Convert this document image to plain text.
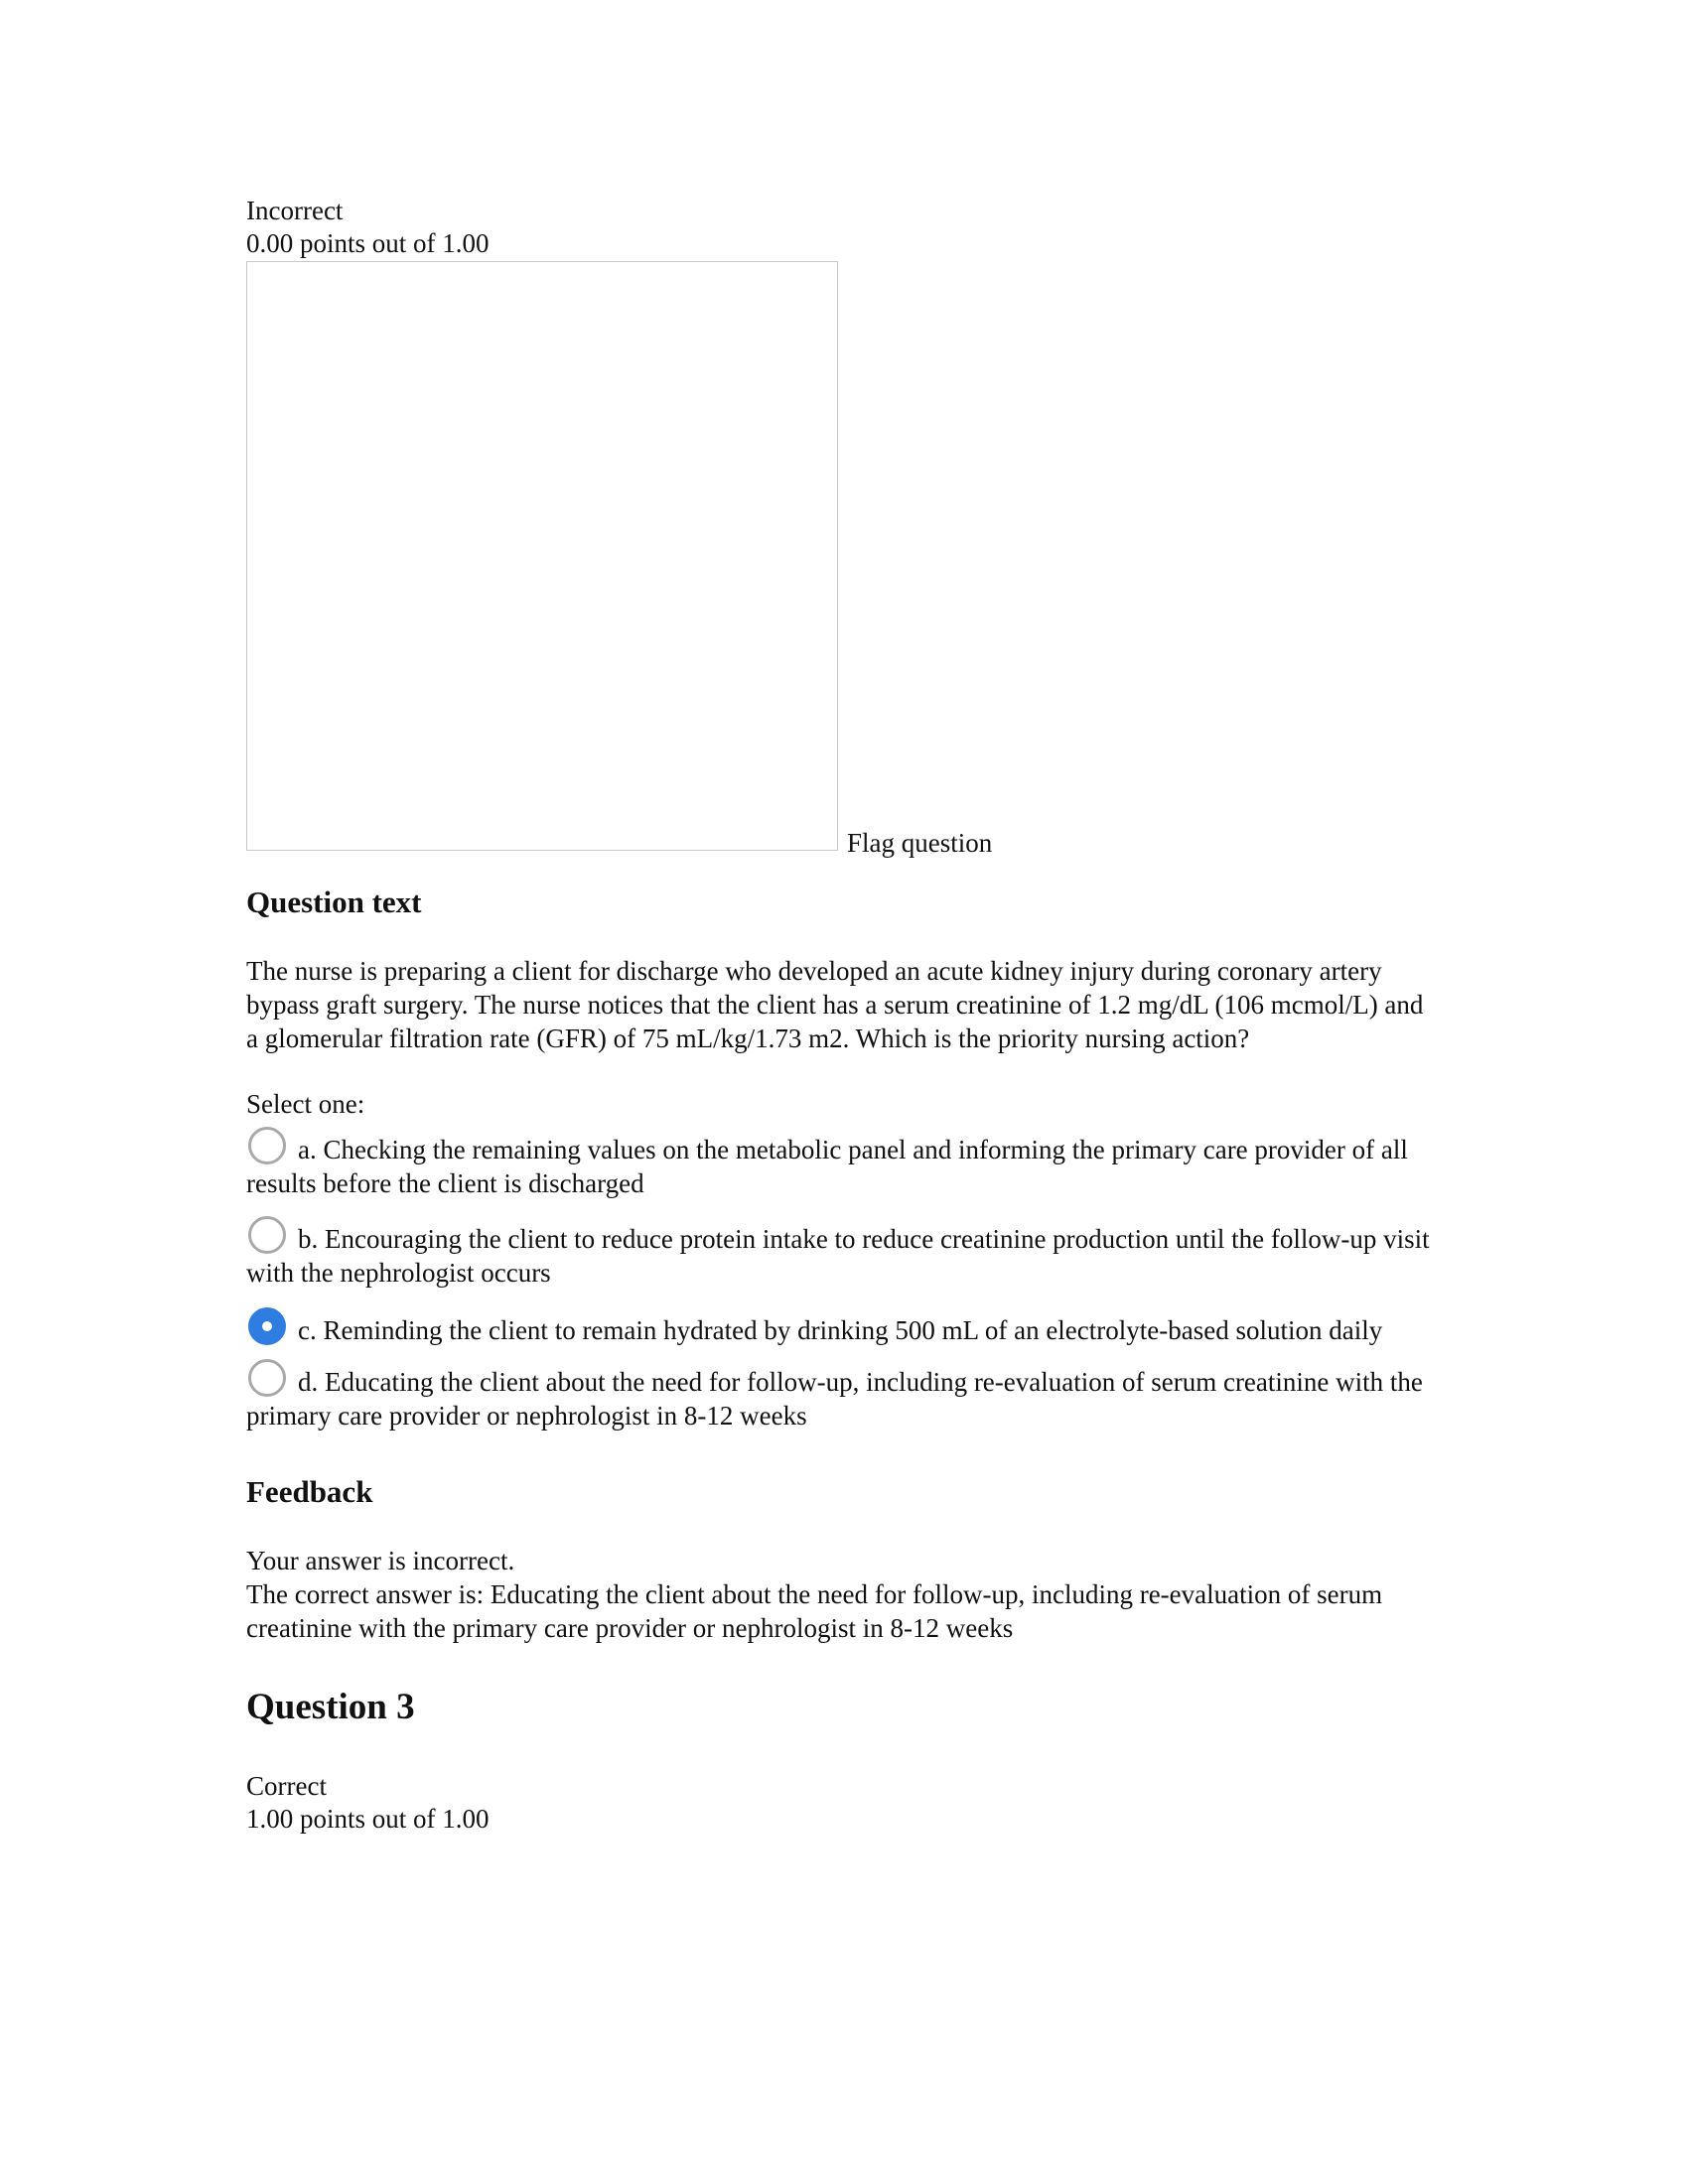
Incorrect

0.00 points out of 1.00

Flag question
Question text

The nurse is preparing a client for discharge who developed an acute kidney injury during coronary artery bypass graft surgery. The nurse notices that the client has a serum creatinine of 1.2 mg/dL (106 mcmol/L) and a glomerular filtration rate (GFR) of 75 mL/kg/1.73 m2. Which is the priority nursing action?

Select one:

a. Checking the remaining values on the metabolic panel and informing the primary care provider of all results before the client is discharged

b. Encouraging the client to reduce protein intake to reduce creatinine production until the follow-up visit with the nephrologist occurs

c. Reminding the client to remain hydrated by drinking 500 mL of an electrolyte-based solution daily

d. Educating the client about the need for follow-up, including re-evaluation of serum creatinine with the primary care provider or nephrologist in 8-12 weeks

Feedback

Your answer is incorrect.

The correct answer is: Educating the client about the need for follow-up, including re-evaluation of serum creatinine with the primary care provider or nephrologist in 8-12 weeks

Question 3

Correct

1.00 points out of 1.00
